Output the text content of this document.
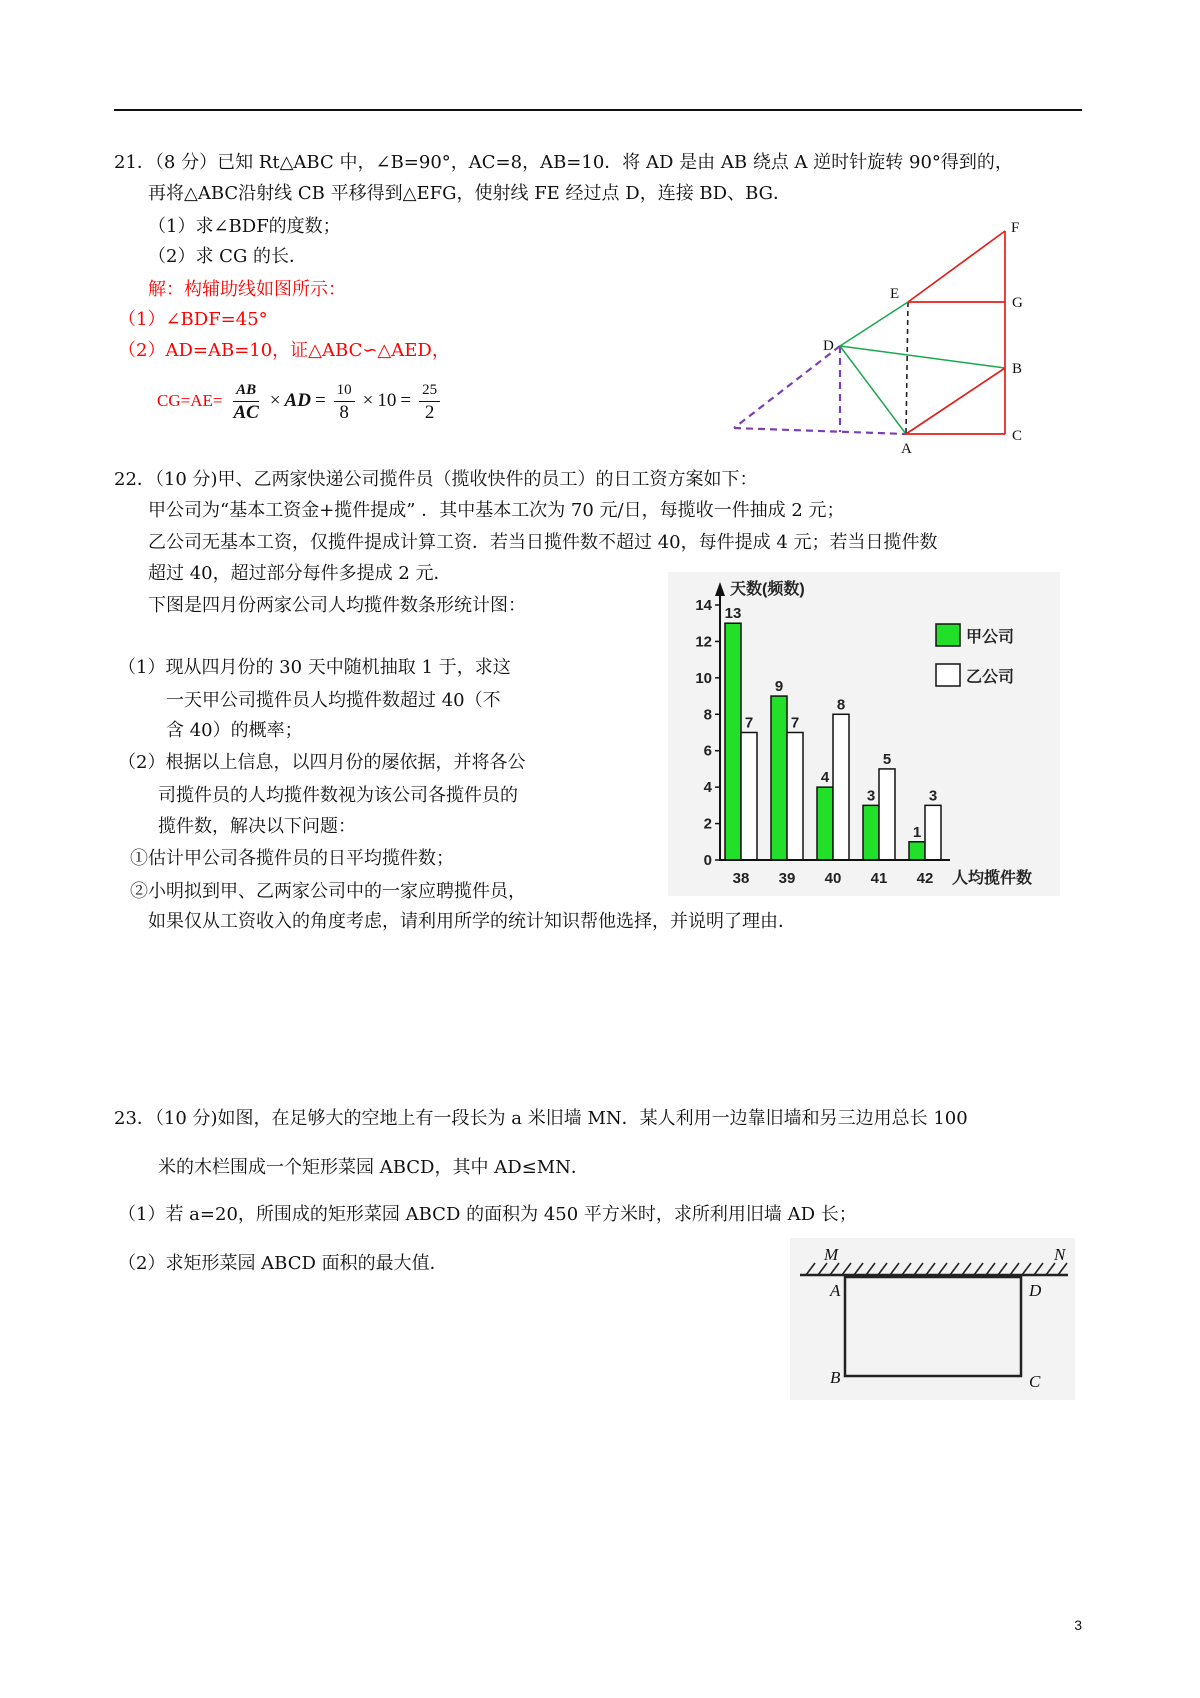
21．（8 分）已知 Rt△ABC 中，∠B=90°，AC=8，AB=10．将 AD 是由 AB 绕点 A 逆时针旋转 90°得到的，
再将△ABC沿射线 CB 平移得到△EFG，使射线 FE 经过点 D，连接 BD、BG．
（1）求∠BDF的度数；
（2）求 CG 的长．
解：构辅助线如图所示：
（1）∠BDF=45°
（2）AD=AB=10，证△ABC∽△AED，
$CG=AE= \frac{AB}{AC}$ × AD = $\frac{10}{8} \times 10 = \frac{25}{2}$
F
E
G
D
B
A
C
22．（10 分)甲、乙两家快递公司揽件员（揽收快件的员工）的日工资方案如下：
甲公司为“基本工资金+揽件提成” ．其中基本工次为 70 元/日，每揽收一件抽成 2 元；
乙公司无基本工资，仅揽件提成计算工资．若当日揽件数不超过 40，每件提成 4 元；若当日揽件数
超过 40，超过部分每件多提成 2 元．
下图是四月份两家公司人均揽件数条形统计图：
（1）现从四月份的 30 天中随机抽取 1 于，求这
一天甲公司揽件员人均揽件数超过 40（不
含 40）的概率；
（2）根据以上信息，以四月份的屡依据，并将各公
司揽件员的人均揽件数视为该公司各揽件员的
揽件数，解决以下问题：
①估计甲公司各揽件员的日平均揽件数；
②小明拟到甲、乙两家公司中的一家应聘揽件员，
如果仅从工资收入的角度考虑，请利用所学的统计知识帮他选择，并说明了理由．
0
2
4
6
8
10
12
14
38 39 40 41 42
13
9
4
3
1
7	7
8
5
3
天数(频数)
人均揽件数
甲公司
乙公司
23．（10 分)如图，在足够大的空地上有一段长为 a 米旧墙 MN．某人利用一边靠旧墙和另三边用总长 100
米的木栏围成一个矩形菜园 ABCD，其中 AD≤MN．
（1）若 a=20，所围成的矩形菜园 ABCD 的面积为 450 平方米时，求所利用旧墙 AD 长；
（2）求矩形菜园 ABCD 面积的最大值．	M	N
A	D
B	C
3
